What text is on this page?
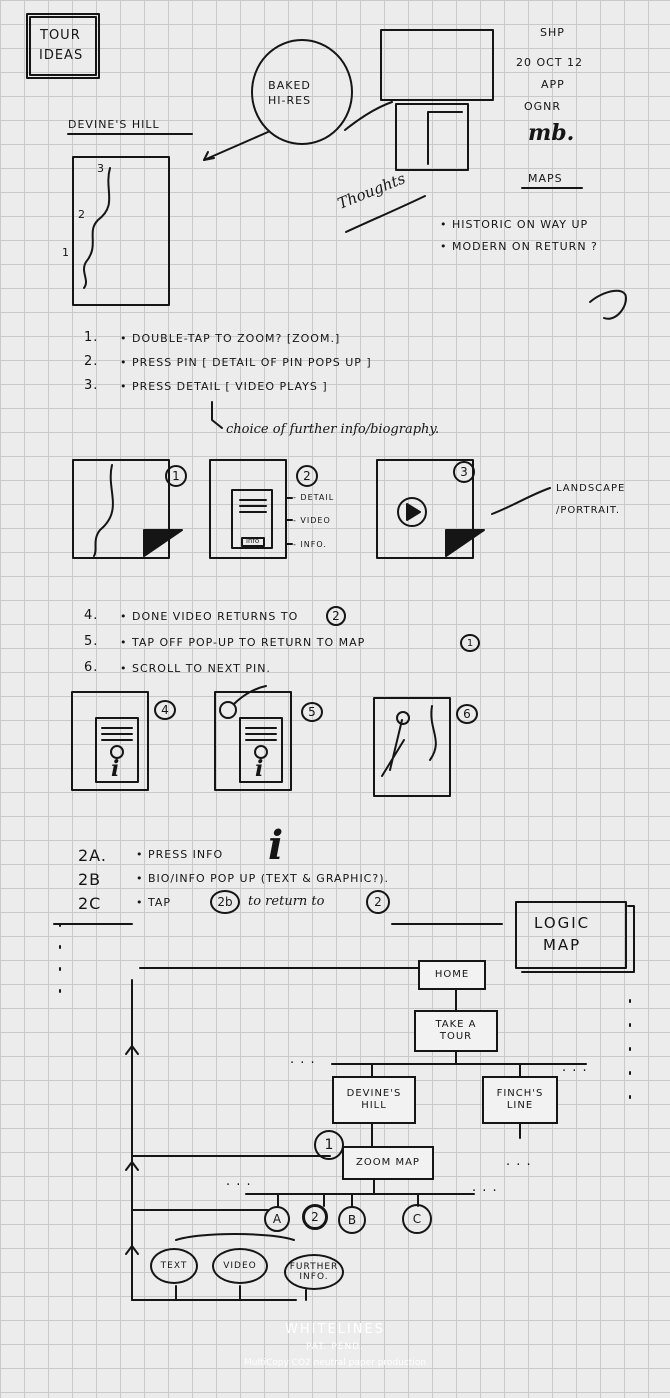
TOUR
IDEAS
BAKED
HI-RES
DEVINE'S HILL
3
2
1
SHP
20 OCT 12
APP
OGNR
mb.
MAPS
Thoughts
• HISTORIC ON WAY UP
• MODERN ON RETURN ?
1. • DOUBLE-TAP TO ZOOM? [ZOOM.]
2. • PRESS PIN [ DETAIL OF PIN POPS UP ]
3. • PRESS DETAIL [ VIDEO PLAYS ]
choice of further info/biography.
1	2	3
- DETAIL
- VIDEO
- INFO.
info
LANDSCAPE
/PORTRAIT.
4. • DONE VIDEO RETURNS TO	2
5. • TAP OFF POP-UP TO RETURN TO MAP	1
6. • SCROLL TO NEXT PIN.
4	5	6
i	i
2A.	• PRESS INFO i
2B	• BIO/INFO POP UP (TEXT & GRAPHIC?).
2C	• TAP	2b	to return to	2
LOGIC
MAP
HOME
TAKE A
TOUR
DEVINE'S
HILL
FINCH'S
LINE
ZOOM MAP
1
A	2	B	C
TEXT	VIDEO	FURTHER
INFO.
. . .
. . .
. . .
. . .	. . .
WHITELINES
PAT. PEND.
MultiCopy CO2 neutral paper production
